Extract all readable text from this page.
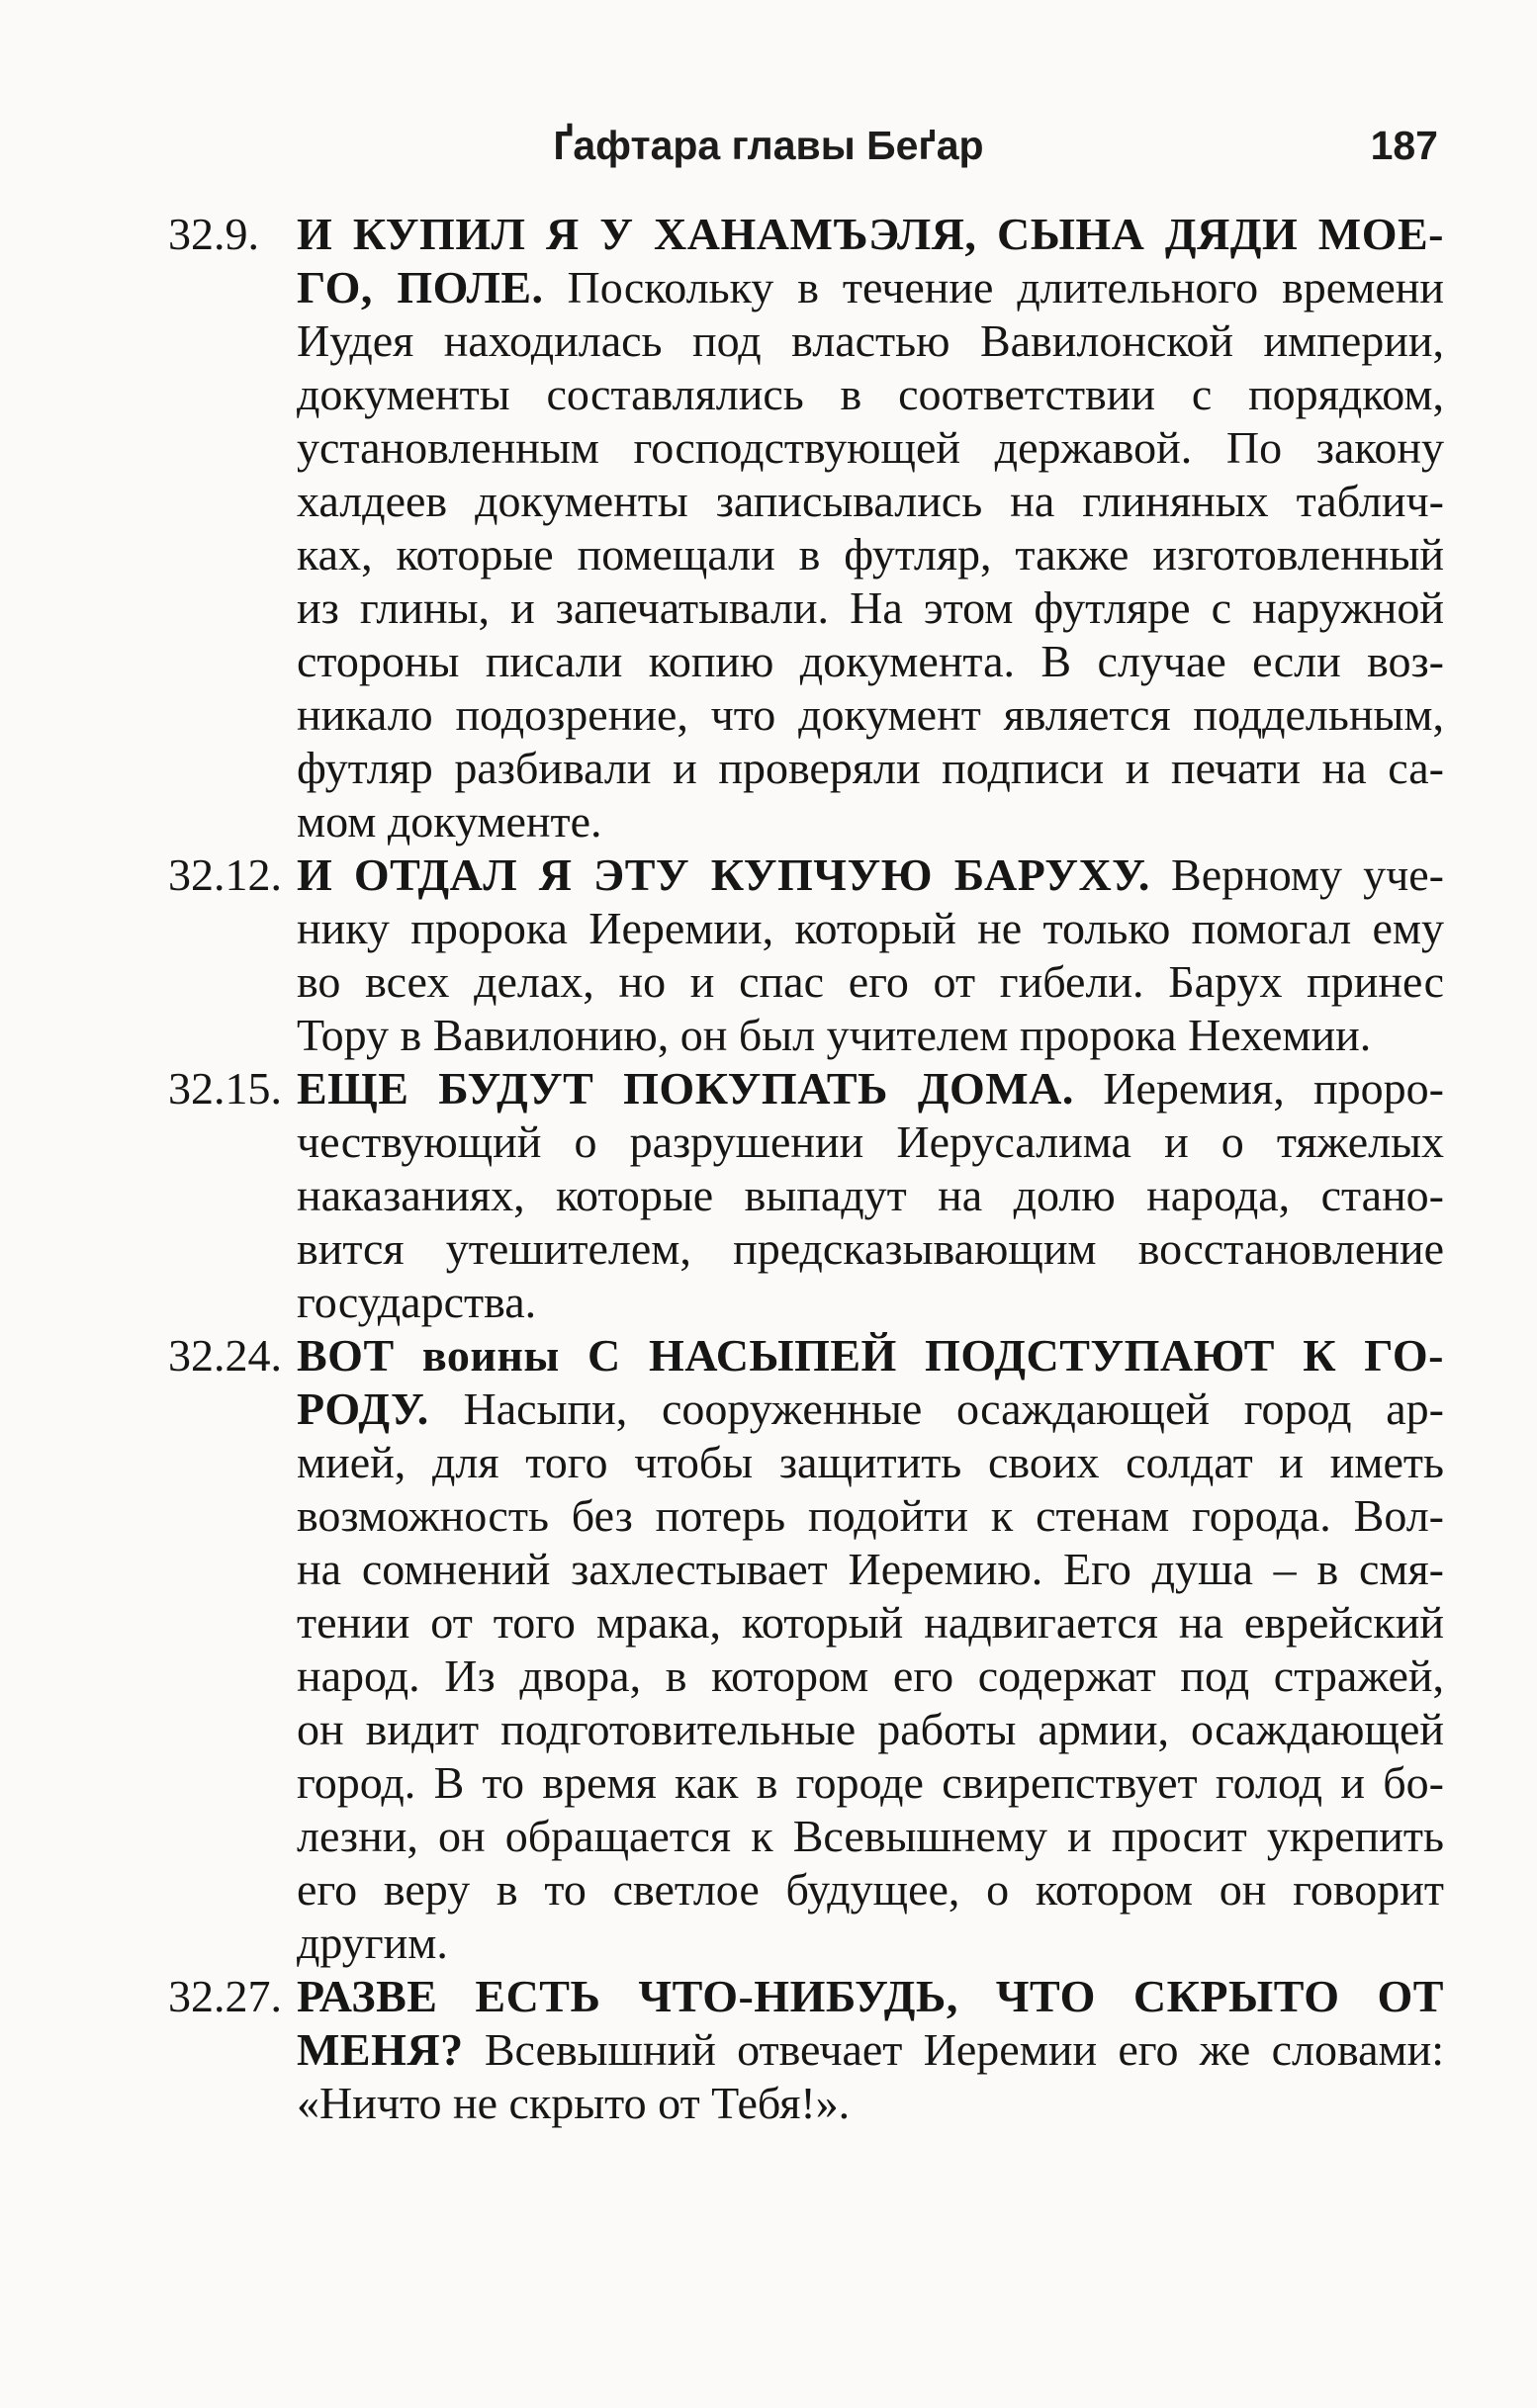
Ґафтара главы Беґар	187
32.9. И КУПИЛ Я У ХАНАМЪЭЛЯ, СЫНА ДЯДИ МОЕ-
ГО, ПОЛЕ. Поскольку в течение длительного времени
Иудея находилась под властью Вавилонской империи,
документы составлялись в соответствии с порядком,
установленным господствующей державой. По закону
халдеев документы записывались на глиняных таблич-
ках, которые помещали в футляр, также изготовленный
из глины, и запечатывали. На этом футляре с наружной
стороны писали копию документа. В случае если воз-
никало подозрение, что документ является поддельным,
футляр разбивали и проверяли подписи и печати на са-
мом документе.
32.12. И ОТДАЛ Я ЭТУ КУПЧУЮ БАРУХУ. Верному уче-
нику пророка Иеремии, который не только помогал ему
во всех делах, но и спас его от гибели. Барух принес
Тору в Вавилонию, он был учителем пророка Нехемии.
32.15. ЕЩЕ БУДУТ ПОКУПАТЬ ДОМА. Иеремия, проро-
чествующий о разрушении Иерусалима и о тяжелых
наказаниях, которые выпадут на долю народа, стано-
вится утешителем, предсказывающим восстановление
государства.
32.24. ВОТ воины С НАСЫПЕЙ ПОДСТУПАЮТ К ГО-
РОДУ. Насыпи, сооруженные осаждающей город ар-
мией, для того чтобы защитить своих солдат и иметь
возможность без потерь подойти к стенам города. Вол-
на сомнений захлестывает Иеремию. Его душа – в смя-
тении от того мрака, который надвигается на еврейский
народ. Из двора, в котором его содержат под стражей,
он видит подготовительные работы армии, осаждающей
город. В то время как в городе свирепствует голод и бо-
лезни, он обращается к Всевышнему и просит укрепить
его веру в то светлое будущее, о котором он говорит
другим.
32.27. РАЗВЕ ЕСТЬ ЧТО-НИБУДЬ, ЧТО СКРЫТО ОТ
МЕНЯ? Всевышний отвечает Иеремии его же словами:
«Ничто не скрыто от Тебя!».
